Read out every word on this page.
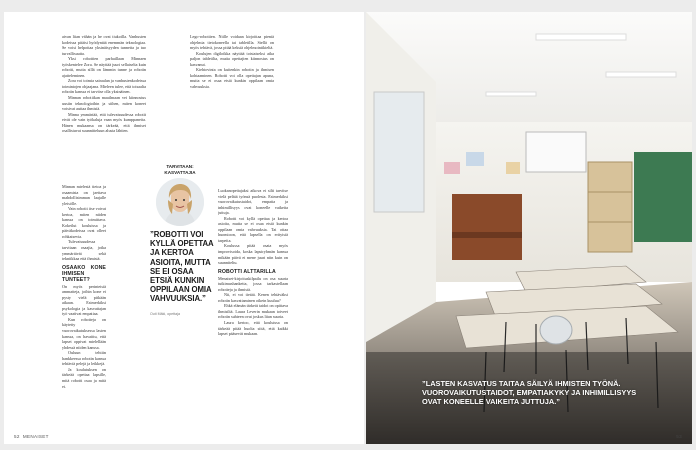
aivan liian vähän ja he ovat tiukoilla. Vanhusten kodeissa pitäisi hyödyntää enemmän teknologiaa. Se voisi helpottaa yksinäisyyden tunnetta ja tuo turvallisuutta.

Yksi robottien parhaillaan Minnaen työskentelee Zora. Se näyttää juuri sellaiselta kuin robotti, mutta sillä on lämmin tunne ja robotin ajatteleminen.

Zora voi toimia sairaalan ja vanhustenkodeissa toimintojen ohjaajana. Mieleen tulee, että toisaalta robotin kanssa ei tarvitse olla yksinäinen.

Minnan robotiikan maailmaan vei kiinnostus uusiin teknologioihin ja siihen, miten koneet voisivat auttaa ihmisiä.

Minna ymmärtää, että tulevaisuudessa robotit eivät ole vain työkaluja vaan myös kumppaneita. Hänen mukaansa on tärkeää, että ihmiset osallistuvat suunnitteluun alusta lähtien.

Minnan mielestä tietoa ja osaamista on jaettava mahdollisimman laajalle yleisölle.

Vain robotit itse voivat kertoa, miten niiden kanssa on toimittava. Kokeilut kouluissa ja päiväkodeissa ovat olleet rohkaisevia.

Tulevaisuudessa tarvitaan osaajia, jotka ymmärtävät sekä tekniikkaa että ihmistä.

OSAAKO KONE IHMISEN TUNTEET?

On myös perinteisiä ammatteja, joihin kone ei pysty vielä pitkään aikaan. Esimerkiksi psykologia ja kasvattajan työ vaativat empatiaa.

Kun robotteja on käytetty vuorovaikutuksessa lasten kanssa, on havaittu, että lapset oppivat mielellään yhdessä niiden kanssa.

Ouluun tehtiin hankkeessa robotin kanssa tehtäviä pelejä ja leikkejä.

Ja koulutuksen on tärkeää opettaa lapsille, mitä robotti osaa ja mitä ei.

Lego-robottien. Niille voidaan kirjoittaa pieniä ohjelmia tietokoneella tai tabletilla. Siellä on myös tehtävä, jossa pitää keksiä ohjelmointikieltä.

Koulujen digiloikka näyttää toistaiseksi aika paljon tabletilta, mutta opettajien kiinnostus on kasvanut.

Kiehtovinta on kuitenkin robotin ja ihmisen kohtaaminen. Robotti voi olla opettajan apuna, mutta se ei osaa etsiä kunkin oppilaan omia vahvuuksia.

Luokanopettajaksi aikova ei silti tarvitse vielä pelätä työnsä puolesta. Esimerkiksi vuorovaikutustaidot, empatia ja inhimillisyys ovat koneelle vaikeita juttuja.

Robotti voi kyllä opettaa ja kertoa asioita, mutta se ei osaa etsiä kunkin oppilaan omia vahvuuksia. Tai ottaa huomioon, että lapsella on erityisiä tarpeita.

Koulussa pitää osata myös improvisoida, koska lapsiryhmän kanssa mikään päivä ei mene juuri niin kuin on suunniteltu.

ROBOTTI ALTTARILLA

Menaiset-kirjoituskilpailu on osa suurta tutkimushanketta, jossa tarkastellaan robotteja ja ihmistä.

Nii, ei voi tietää. Kenen tehtäväksi robotin kasvattaminen oikein kuuluu?

Ehkä elämän tärkeät taidot on opittava ihmisiltä. Laura Leverin mukaan toiveet robotin suhteen ovat joskus liian suuria.

Laura kertoo, että kouluissa on tärkeää pitää huolta siitä, että kaikki lapset pääsevät mukaan.

TARVITAAN:
KASVATTAJIA
”ROBOTTI VOI KYLLÄ OPETTAA JA KERTOA ASIOITA, MUTTA SE EI OSAA ETSIÄ KUNKIN OPPILAAN OMIA VAHVUUKSIA.”
Outi Mäki, opettaja
52 MENAISET
”LASTEN KASVATUS TAITAA SÄILYÄ IHMISTEN TYÖNÄ. VUOROVAIKUTUSTAIDOT, EMPATIAKYKY JA INHIMILLISYYS OVAT KONEELLE VAIKEITA JUTTUJA.”
53
